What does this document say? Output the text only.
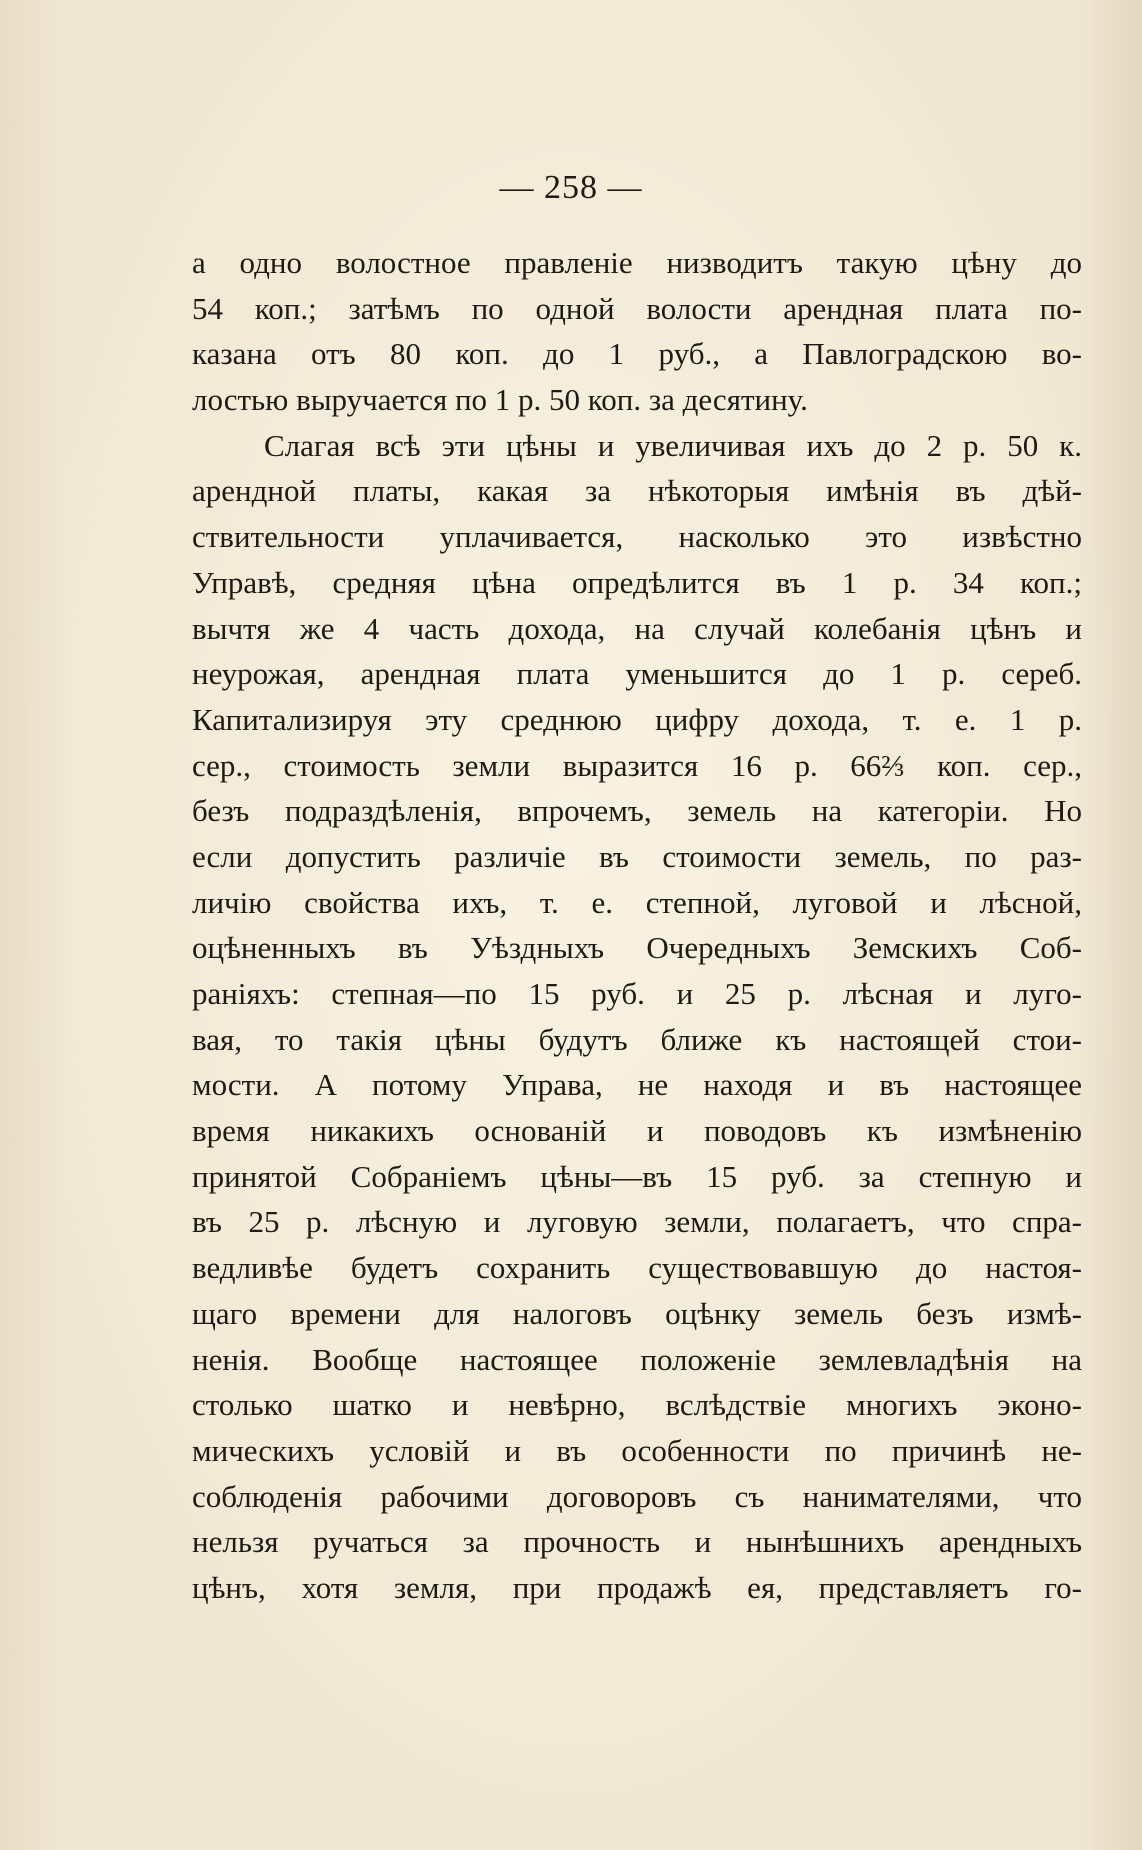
— 258 —
а одно волостное правленіе низводитъ такую цѣну до
54 коп.; затѣмъ по одной волости арендная плата по-
казана отъ 80 коп. до 1 руб., а Павлоградскою во-
лостью выручается по 1 р. 50 коп. за десятину.
Слагая всѣ эти цѣны и увеличивая ихъ до 2 р. 50 к.
арендной платы, какая за нѣкоторыя имѣнія въ дѣй-
ствительности уплачивается, насколько это извѣстно
Управѣ, средняя цѣна опредѣлится въ 1 р. 34 коп.;
вычтя же 4 часть дохода, на случай колебанія цѣнъ и
неурожая, арендная плата уменьшится до 1 р. сереб.
Капитализируя эту среднюю цифру дохода, т. е. 1 р.
сер., стоимость земли выразится 16 р. 66⅔ коп. сер.,
безъ подраздѣленія, впрочемъ, земель на категоріи. Но
если допустить различіе въ стоимости земель, по раз-
личію свойства ихъ, т. е. степной, луговой и лѣсной,
оцѣненныхъ въ Уѣздныхъ Очередныхъ Земскихъ Соб-
раніяхъ: степная—по 15 руб. и 25 р. лѣсная и луго-
вая, то такія цѣны будутъ ближе къ настоящей стои-
мости. А потому Управа, не находя и въ настоящее
время никакихъ основаній и поводовъ къ измѣненію
принятой Собраніемъ цѣны—въ 15 руб. за степную и
въ 25 р. лѣсную и луговую земли, полагаетъ, что спра-
ведливѣе будетъ сохранить существовавшую до настоя-
щаго времени для налоговъ оцѣнку земель безъ измѣ-
ненія. Вообще настоящее положеніе землевладѣнія на
столько шатко и невѣрно, вслѣдствіе многихъ эконо-
мическихъ условій и въ особенности по причинѣ не-
соблюденія рабочими договоровъ съ нанимателями, что
нельзя ручаться за прочность и нынѣшнихъ арендныхъ
цѣнъ, хотя земля, при продажѣ ея, представляетъ го-
